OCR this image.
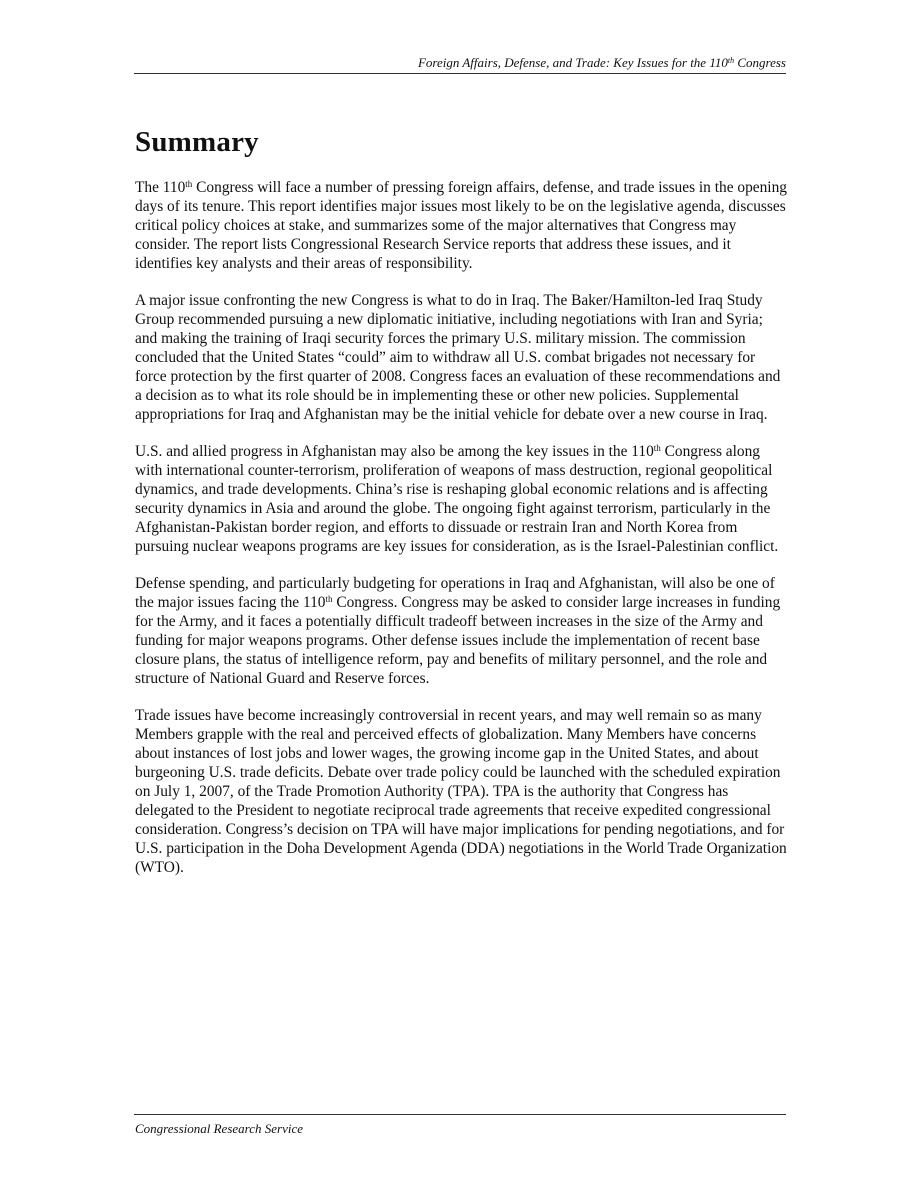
Foreign Affairs, Defense, and Trade: Key Issues for the 110th Congress
Summary

The 110th Congress will face a number of pressing foreign affairs, defense, and trade issues in the opening days of its tenure. This report identifies major issues most likely to be on the legislative agenda, discusses critical policy choices at stake, and summarizes some of the major alternatives that Congress may consider. The report lists Congressional Research Service reports that address these issues, and it identifies key analysts and their areas of responsibility.

A major issue confronting the new Congress is what to do in Iraq. The Baker/Hamilton-led Iraq Study Group recommended pursuing a new diplomatic initiative, including negotiations with Iran and Syria; and making the training of Iraqi security forces the primary U.S. military mission. The commission concluded that the United States “could” aim to withdraw all U.S. combat brigades not necessary for force protection by the first quarter of 2008. Congress faces an evaluation of these recommendations and a decision as to what its role should be in implementing these or other new policies. Supplemental appropriations for Iraq and Afghanistan may be the initial vehicle for debate over a new course in Iraq.

U.S. and allied progress in Afghanistan may also be among the key issues in the 110th Congress along with international counter-terrorism, proliferation of weapons of mass destruction, regional geopolitical dynamics, and trade developments. China’s rise is reshaping global economic relations and is affecting security dynamics in Asia and around the globe. The ongoing fight against terrorism, particularly in the Afghanistan-Pakistan border region, and efforts to dissuade or restrain Iran and North Korea from pursuing nuclear weapons programs are key issues for consideration, as is the Israel-Palestinian conflict.

Defense spending, and particularly budgeting for operations in Iraq and Afghanistan, will also be one of the major issues facing the 110th Congress. Congress may be asked to consider large increases in funding for the Army, and it faces a potentially difficult tradeoff between increases in the size of the Army and funding for major weapons programs. Other defense issues include the implementation of recent base closure plans, the status of intelligence reform, pay and benefits of military personnel, and the role and structure of National Guard and Reserve forces.

Trade issues have become increasingly controversial in recent years, and may well remain so as many Members grapple with the real and perceived effects of globalization. Many Members have concerns about instances of lost jobs and lower wages, the growing income gap in the United States, and about burgeoning U.S. trade deficits. Debate over trade policy could be launched with the scheduled expiration on July 1, 2007, of the Trade Promotion Authority (TPA). TPA is the authority that Congress has delegated to the President to negotiate reciprocal trade agreements that receive expedited congressional consideration. Congress’s decision on TPA will have major implications for pending negotiations, and for U.S. participation in the Doha Development Agenda (DDA) negotiations in the World Trade Organization (WTO).

Congressional Research Service
